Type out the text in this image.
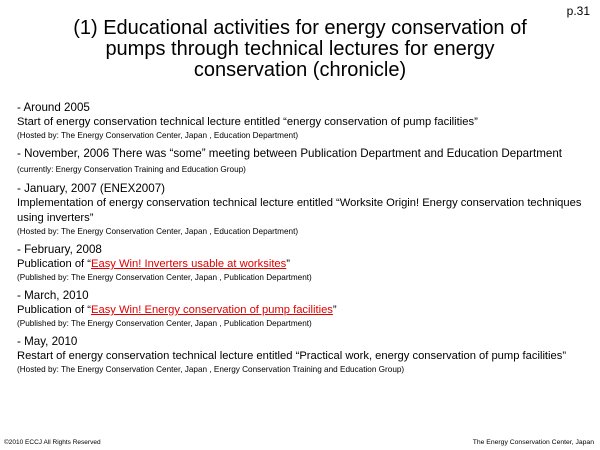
p.31
(1) Educational activities for energy conservation of
pumps through technical lectures for energy
conservation (chronicle)
- Around 2005
Start of energy conservation technical lecture entitled “energy conservation of pump facilities”
(Hosted by: The Energy Conservation Center, Japan , Education Department)
- November, 2006 There was “some” meeting between Publication Department and Education Department (currently: Energy Conservation Training and Education Group)
- January, 2007 (ENEX2007)
Implementation of energy conservation technical lecture entitled “Worksite Origin! Energy conservation techniques using inverters”
(Hosted by: The Energy Conservation Center, Japan , Education Department)
- February, 2008
Publication of “Easy Win! Inverters usable at worksites”
(Published by: The Energy Conservation Center, Japan , Publication Department)
- March, 2010
Publication of “Easy Win! Energy conservation of pump facilities”
(Published by: The Energy Conservation Center, Japan , Publication Department)
- May, 2010
Restart of energy conservation technical lecture entitled “Practical work, energy conservation of pump facilities”
(Hosted by: The Energy Conservation Center, Japan , Energy Conservation Training and Education Group)
©2010 ECCJ All Rights Reserved	The Energy Conservation Center, Japan
